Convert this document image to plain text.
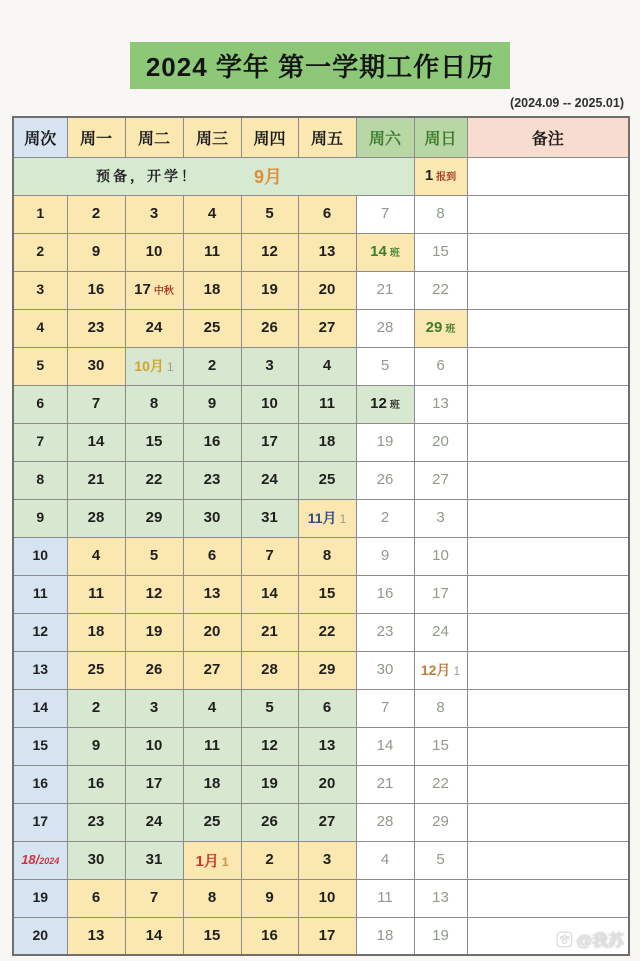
2024 学年 第一学期工作日历
(2024.09 -- 2025.01)
周次	周一	周二	周三	周四	周五	周六	周日	备注

预备，开学！ 9月							1 报到	
1	2	3	4	5	6	7	8	
2	9	10	11	12	13	14 班	15	
3	16	17 中秋	18	19	20	21	22	
4	23	24	25	26	27	28	29 班	
5	30	10月 1	2	3	4	5	6	
6	7	8	9	10	11	12 班	13	
7	14	15	16	17	18	19	20	
8	21	22	23	24	25	26	27	
9	28	29	30	31	11月 1	2	3	
10	4	5	6	7	8	9	10	
11	11	12	13	14	15	16	17	
12	18	19	20	21	22	23	24	
13	25	26	27	28	29	30	12月 1	
14	2	3	4	5	6	7	8	
15	9	10	11	12	13	14	15	
16	16	17	18	19	20	21	22	
17	23	24	25	26	27	28	29	
18/2024	30	31	1月 1	2	3	4	5	
19	6	7	8	9	10	11	13	
20	13	14	15	16	17	18	19		@我苏
